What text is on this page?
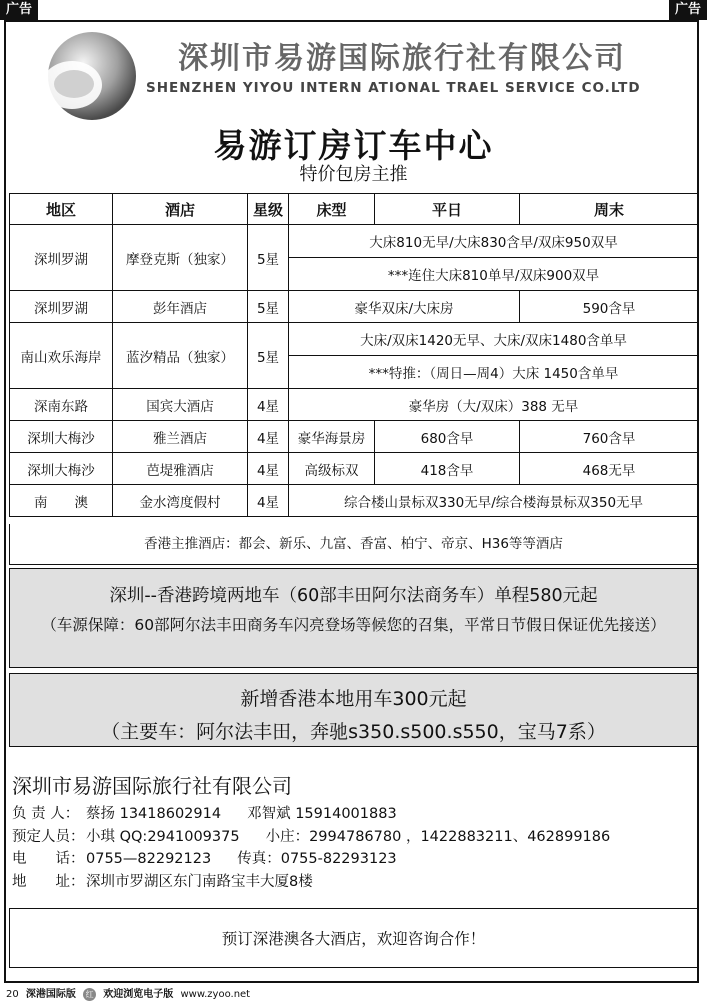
广告	广告
深圳市易游国际旅行社有限公司
SHENZHEN YIYOU INTERN ATIONAL TRAEL SERVICE CO.LTD
易游订房订车中心
特价包房主推
地区	酒店	星级	床型	平日	周末
深圳罗湖	摩登克斯（独家）	5星	大床810无早/大床830含早/双床950双早		
			***连住大床810单早/双床900双早		
深圳罗湖	彭年酒店	5星	豪华双床/大床房		590含早
南山欢乐海岸	蓝汐精品（独家）	5星	大床/双床1420无早、大床/双床1480含单早		
			***特推：（周日—周4）大床 1450含单早		
深南东路	国宾大酒店	4星	豪华房（大/双床）388 无早		
深圳大梅沙	雅兰酒店	4星	豪华海景房	680含早	760含早
深圳大梅沙	芭堤雅酒店	4星	高级标双	418含早	468无早
南　　澳	金水湾度假村	4星	综合楼山景标双330无早/综合楼海景标双350无早		
香港主推酒店：都会、新乐、九富、香富、柏宁、帝京、H36等等酒店
深圳--香港跨境两地车（60部丰田阿尔法商务车）单程580元起
（车源保障：60部阿尔法丰田商务车闪亮登场等候您的召集，平常日节假日保证优先接送）
新增香港本地用车300元起
（主要车：阿尔法丰田，奔驰s350.s500.s550，宝马7系）
深圳市易游国际旅行社有限公司
负 责 人： 蔡扬 13418602914 邓智斌 15914001883
预定人员： 小琪 QQ:2941009375 小庄：2994786780 ，1422883211、462899186
电　　话： 0755—82292123 传真：0755-82293123
地　　址： 深圳市罗湖区东门南路宝丰大厦8楼
预订深港澳各大酒店，欢迎咨询合作！
20 深港国际版 红 欢迎浏览电子版 www.zyoo.net
